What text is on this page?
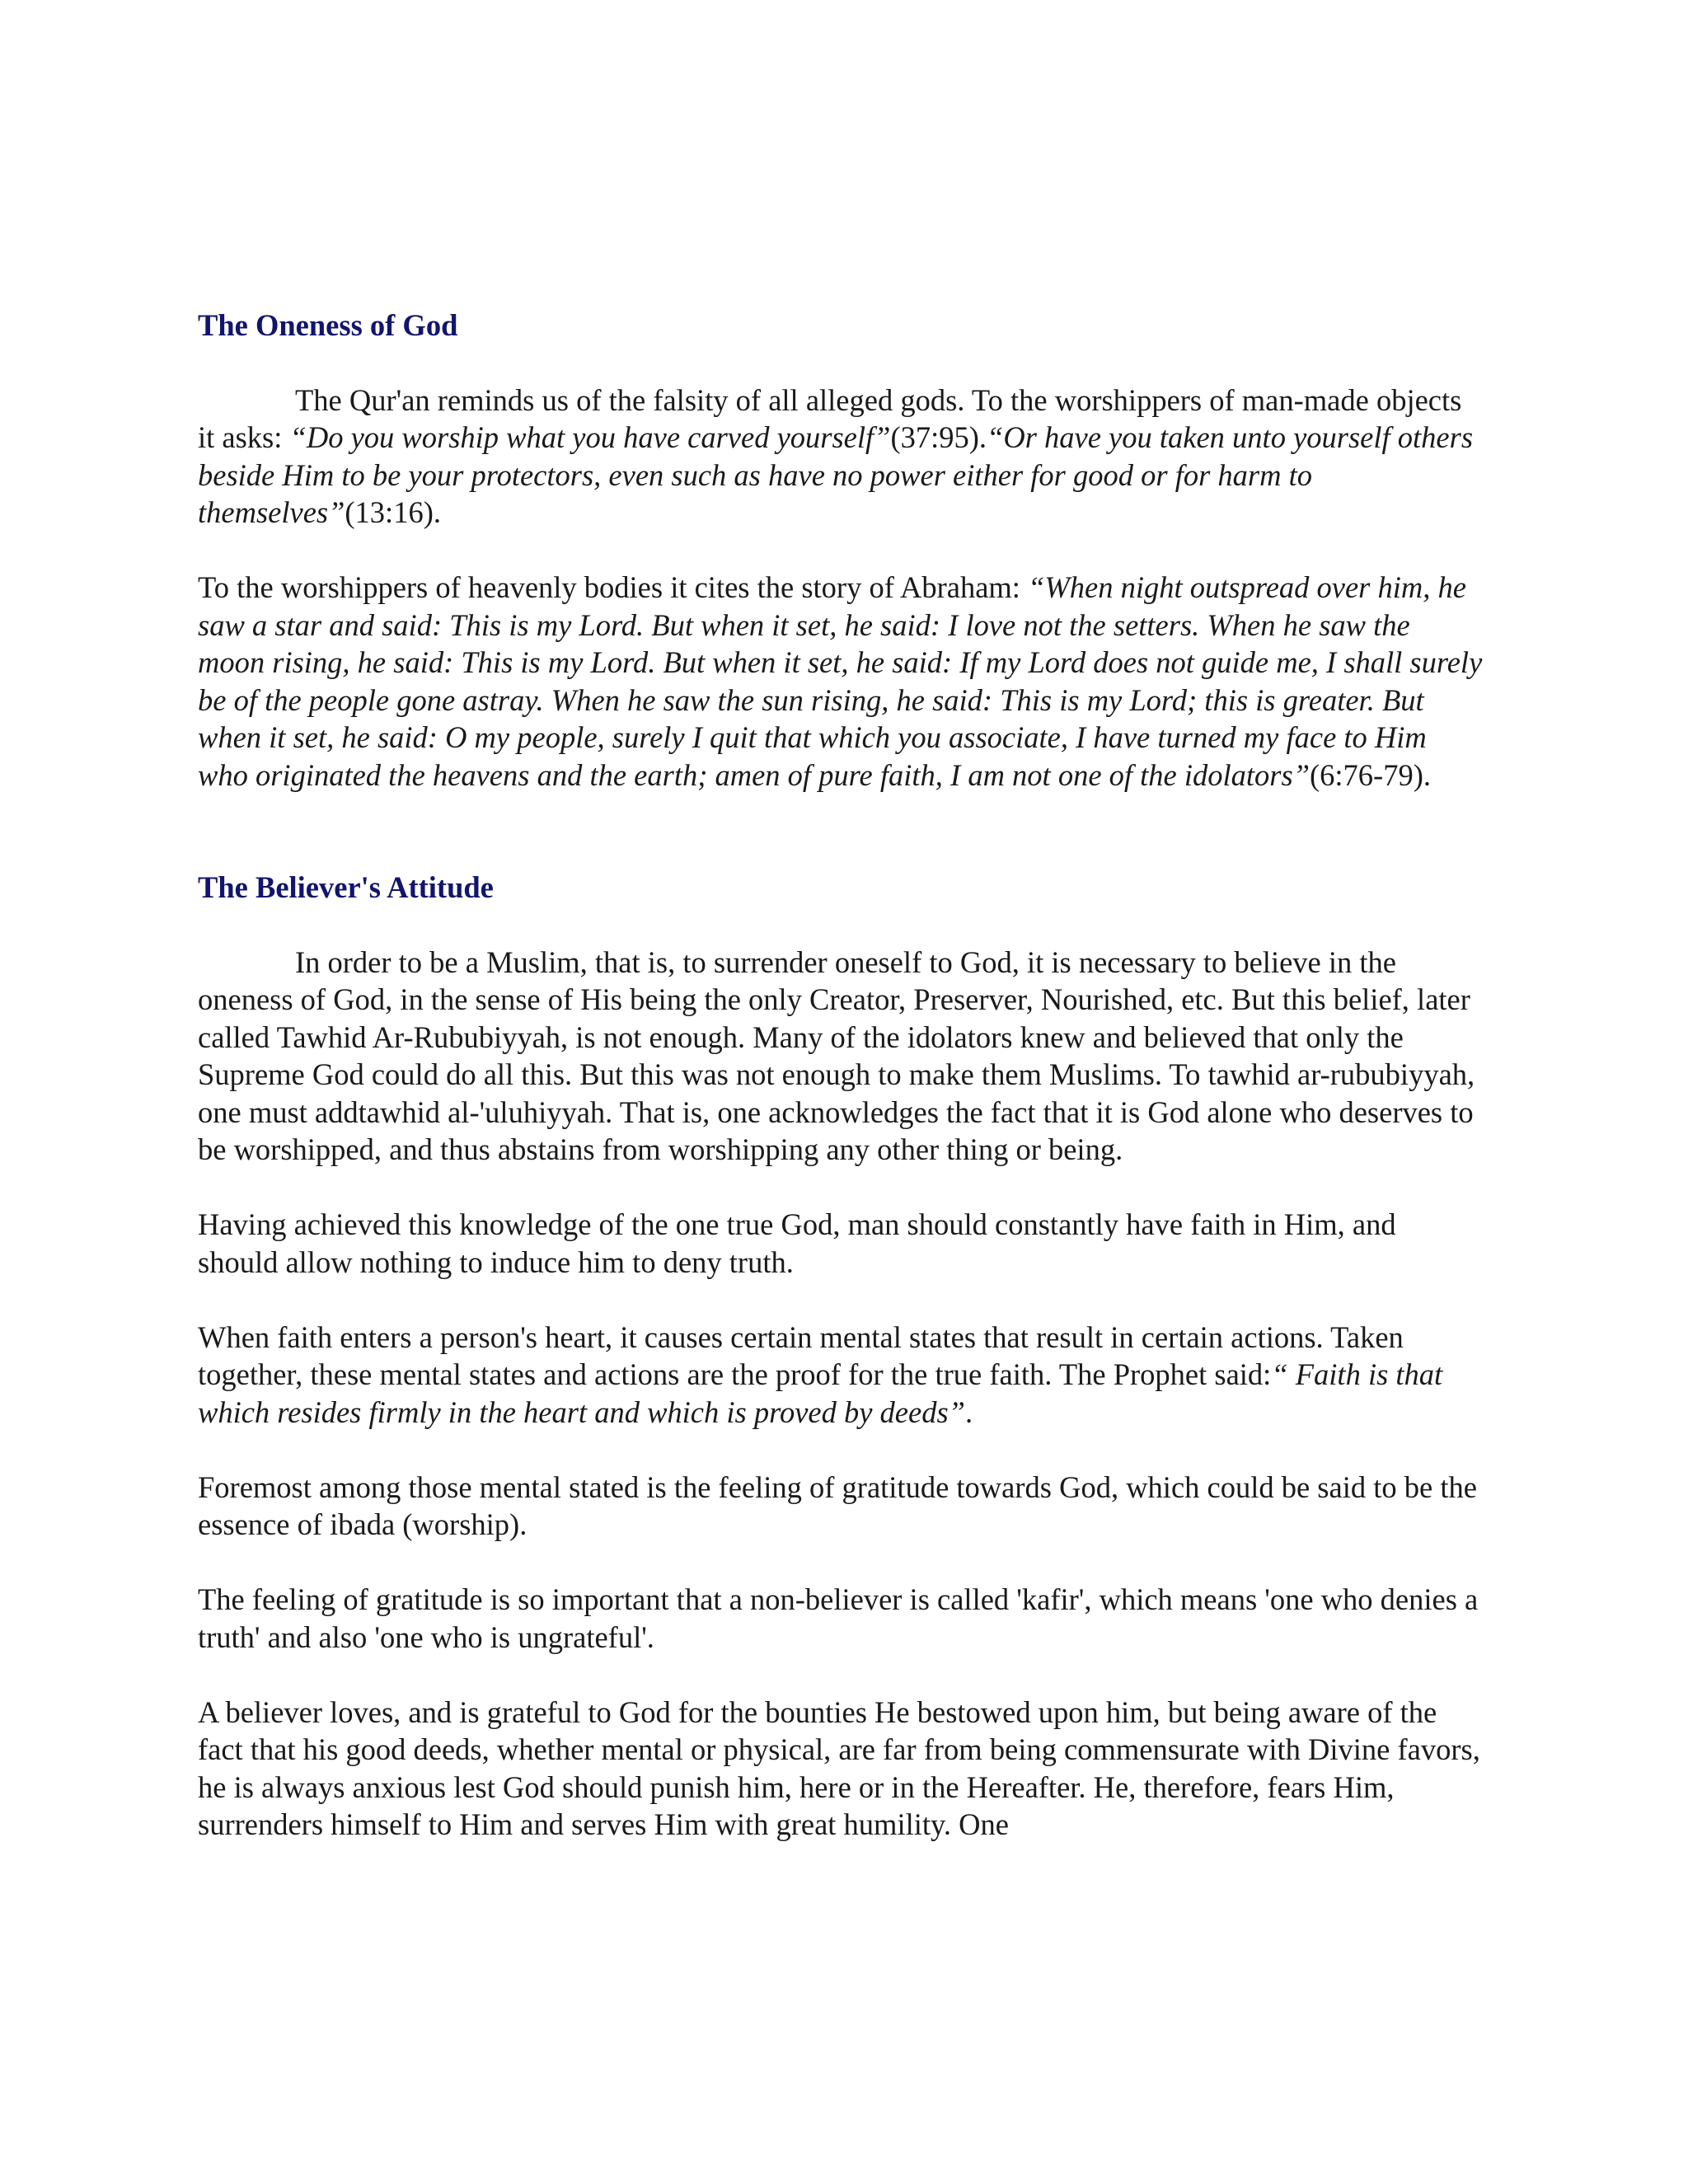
The Oneness of God

The Qur'an reminds us of the falsity of all alleged gods. To the worshippers of man-made objects it asks: “Do you worship what you have carved yourself”(37:95).“Or have you taken unto yourself others beside Him to be your protectors, even such as have no power either for good or for harm to themselves”(13:16).

To the worshippers of heavenly bodies it cites the story of Abraham: “When night outspread over him, he saw a star and said: This is my Lord. But when it set, he said: I love not the setters. When he saw the moon rising, he said: This is my Lord. But when it set, he said: If my Lord does not guide me, I shall surely be of the people gone astray. When he saw the sun rising, he said: This is my Lord; this is greater. But when it set, he said: O my people, surely I quit that which you associate, I have turned my face to Him who originated the heavens and the earth; amen of pure faith, I am not one of the idolators”(6:76-79).

The Believer's Attitude

In order to be a Muslim, that is, to surrender oneself to God, it is necessary to believe in the oneness of God, in the sense of His being the only Creator, Preserver, Nourished, etc. But this belief, later called Tawhid Ar-Rububiyyah, is not enough. Many of the idolators knew and believed that only the Supreme God could do all this. But this was not enough to make them Muslims. To tawhid ar-rububiyyah, one must addtawhid al-'uluhiyyah. That is, one acknowledges the fact that it is God alone who deserves to be worshipped, and thus abstains from worshipping any other thing or being.

Having achieved this knowledge of the one true God, man should constantly have faith in Him, and should allow nothing to induce him to deny truth.

When faith enters a person's heart, it causes certain mental states that result in certain actions. Taken together, these mental states and actions are the proof for the true faith. The Prophet said:“ Faith is that which resides firmly in the heart and which is proved by deeds”.

Foremost among those mental stated is the feeling of gratitude towards God, which could be said to be the essence of ibada (worship).

The feeling of gratitude is so important that a non-believer is called 'kafir', which means 'one who denies a truth' and also 'one who is ungrateful'.

A believer loves, and is grateful to God for the bounties He bestowed upon him, but being aware of the fact that his good deeds, whether mental or physical, are far from being commensurate with Divine favors, he is always anxious lest God should punish him, here or in the Hereafter. He, therefore, fears Him, surrenders himself to Him and serves Him with great humility. One
